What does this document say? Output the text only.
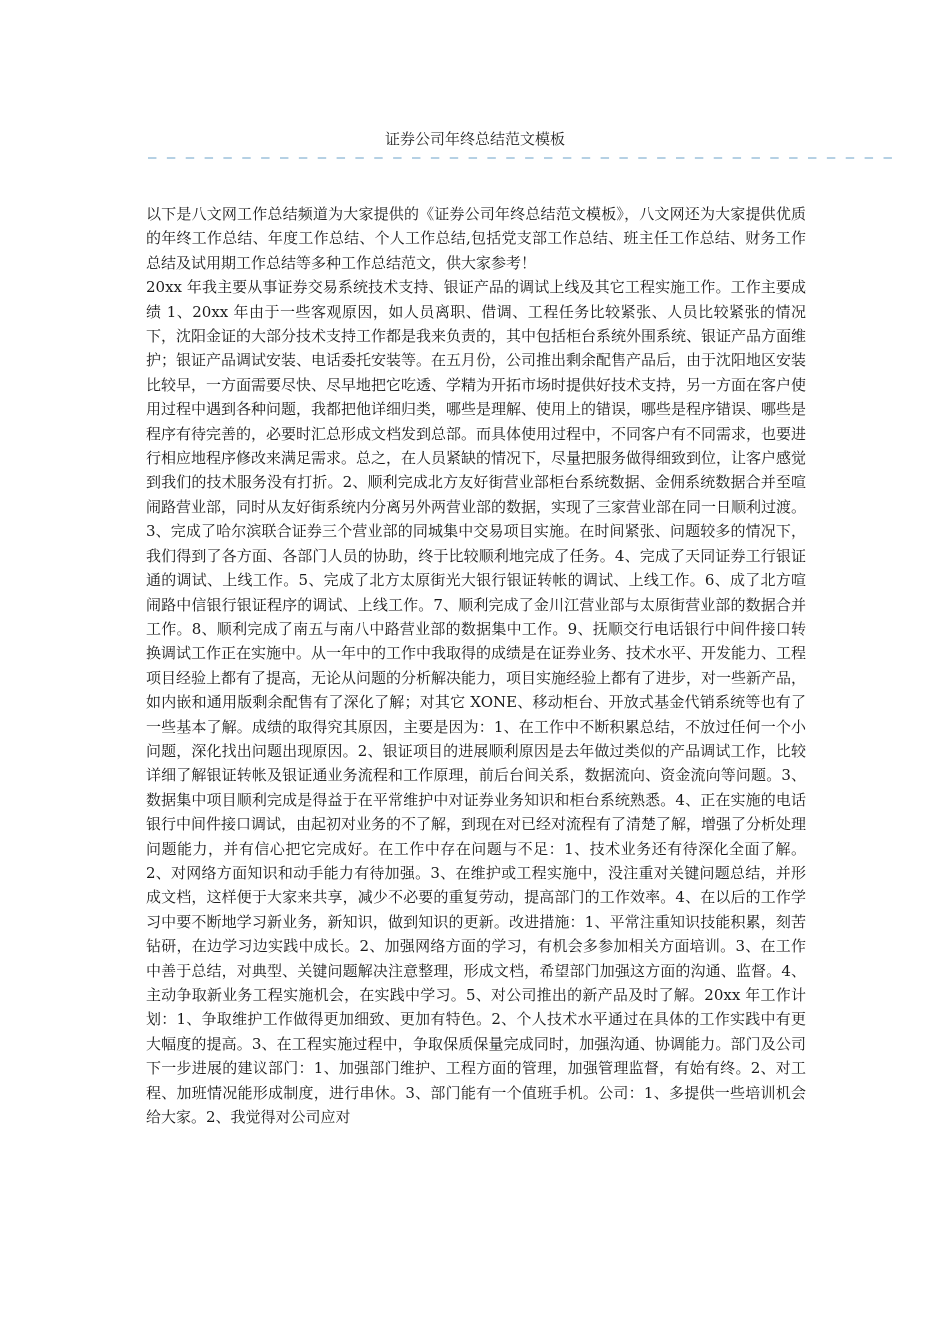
证券公司年终总结范文模板
— — — — — — — — — — — — — — — — — — — — — — — — — — — — — — — — — — — — — — — —

以下是八文网工作总结频道为大家提供的《证券公司年终总结范文模板》，八文网还为大家提供优质的年终工作总结、年度工作总结、个人工作总结,包括党支部工作总结、班主任工作总结、财务工作总结及试用期工作总结等多种工作总结范文，供大家参考！

20xx 年我主要从事证券交易系统技术支持、银证产品的调试上线及其它工程实施工作。工作主要成绩 1、20xx 年由于一些客观原因，如人员离职、借调、工程任务比较紧张、人员比较紧张的情况下，沈阳金证的大部分技术支持工作都是我来负责的，其中包括柜台系统外围系统、银证产品方面维护；银证产品调试安装、电话委托安装等。在五月份，公司推出剩余配售产品后，由于沈阳地区安装比较早，一方面需要尽快、尽早地把它吃透、学精为开拓市场时提供好技术支持，另一方面在客户使用过程中遇到各种问题，我都把他详细归类，哪些是理解、使用上的错误，哪些是程序错误、哪些是程序有待完善的，必要时汇总形成文档发到总部。而具体使用过程中，不同客户有不同需求，也要进行相应地程序修改来满足需求。总之，在人员紧缺的情况下，尽量把服务做得细致到位，让客户感觉到我们的技术服务没有打折。2、顺利完成北方友好街营业部柜台系统数据、金佣系统数据合并至喧闹路营业部，同时从友好街系统内分离另外两营业部的数据，实现了三家营业部在同一日顺利过渡。3、完成了哈尔滨联合证券三个营业部的同城集中交易项目实施。在时间紧张、问题较多的情况下，我们得到了各方面、各部门人员的协助，终于比较顺利地完成了任务。4、完成了天同证券工行银证通的调试、上线工作。5、完成了北方太原街光大银行银证转帐的调试、上线工作。6、成了北方喧闹路中信银行银证程序的调试、上线工作。7、顺利完成了金川江营业部与太原街营业部的数据合并工作。8、顺利完成了南五与南八中路营业部的数据集中工作。9、抚顺交行电话银行中间件接口转换调试工作正在实施中。从一年中的工作中我取得的成绩是在证券业务、技术水平、开发能力、工程项目经验上都有了提高，无论从问题的分析解决能力，项目实施经验上都有了进步，对一些新产品，如内嵌和通用版剩余配售有了深化了解；对其它 XONE、移动柜台、开放式基金代销系统等也有了一些基本了解。成绩的取得究其原因，主要是因为：1、在工作中不断积累总结，不放过任何一个小问题，深化找出问题出现原因。2、银证项目的进展顺利原因是去年做过类似的产品调试工作，比较详细了解银证转帐及银证通业务流程和工作原理，前后台间关系，数据流向、资金流向等问题。3、数据集中项目顺利完成是得益于在平常维护中对证券业务知识和柜台系统熟悉。4、正在实施的电话银行中间件接口调试，由起初对业务的不了解，到现在对已经对流程有了清楚了解，增强了分析处理问题能力，并有信心把它完成好。在工作中存在问题与不足：1、技术业务还有待深化全面了解。2、对网络方面知识和动手能力有待加强。3、在维护或工程实施中，没注重对关键问题总结，并形成文档，这样便于大家来共享，减少不必要的重复劳动，提高部门的工作效率。4、在以后的工作学习中要不断地学习新业务，新知识，做到知识的更新。改进措施：1、平常注重知识技能积累，刻苦钻研，在边学习边实践中成长。2、加强网络方面的学习，有机会多参加相关方面培训。3、在工作中善于总结，对典型、关键问题解决注意整理，形成文档，希望部门加强这方面的沟通、监督。4、主动争取新业务工程实施机会，在实践中学习。5、对公司推出的新产品及时了解。20xx 年工作计划：1、争取维护工作做得更加细致、更加有特色。2、个人技术水平通过在具体的工作实践中有更大幅度的提高。3、在工程实施过程中，争取保质保量完成同时，加强沟通、协调能力。部门及公司下一步进展的建议部门：1、加强部门维护、工程方面的管理，加强管理监督，有始有终。2、对工程、加班情况能形成制度，进行串休。3、部门能有一个值班手机。公司：1、多提供一些培训机会给大家。2、我觉得对公司应对
